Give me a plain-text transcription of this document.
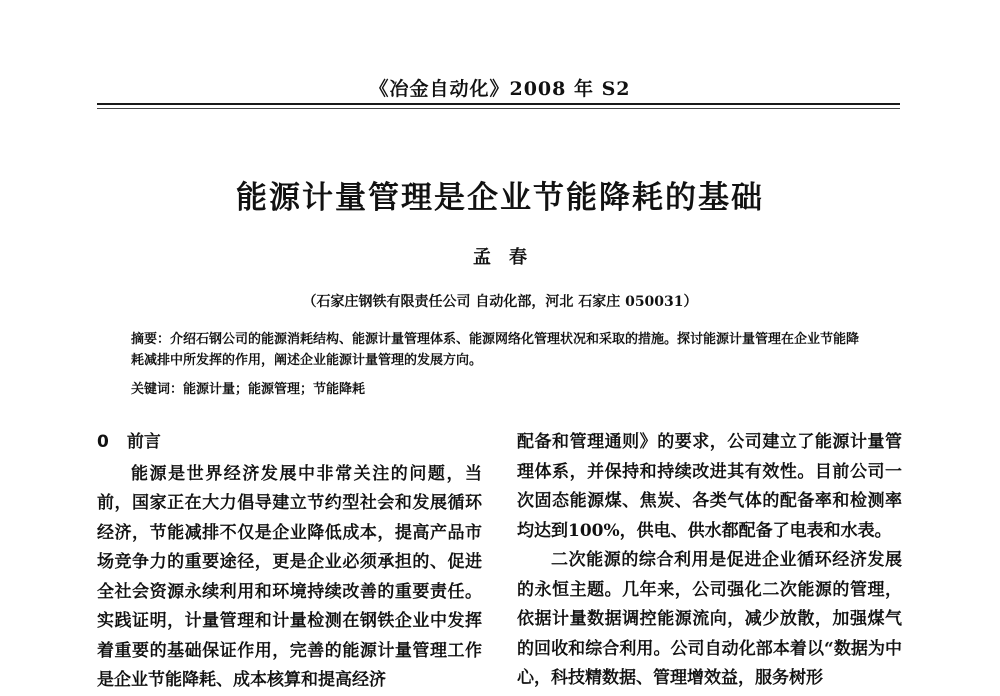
《冶金自动化》2008 年 S2
能源计量管理是企业节能降耗的基础
孟　春
（石家庄钢铁有限责任公司 自动化部，河北 石家庄 050031）
摘要：介绍石钢公司的能源消耗结构、能源计量管理体系、能源网络化管理状况和采取的措施。探讨能源计量管理在企业节能降耗减排中所发挥的作用，阐述企业能源计量管理的发展方向。
关键词：能源计量；能源管理；节能降耗
0 前言

能源是世界经济发展中非常关注的问题，当前，国家正在大力倡导建立节约型社会和发展循环经济，节能减排不仅是企业降低成本，提高产品市场竞争力的重要途径，更是企业必须承担的、促进全社会资源永续利用和环境持续改善的重要责任。实践证明，计量管理和计量检测在钢铁企业中发挥着重要的基础保证作用，完善的能源计量管理工作是企业节能降耗、成本核算和提高经济

配备和管理通则》的要求，公司建立了能源计量管理体系，并保持和持续改进其有效性。目前公司一次固态能源煤、焦炭、各类气体的配备率和检测率均达到100%，供电、供水都配备了电表和水表。

二次能源的综合利用是促进企业循环经济发展的永恒主题。几年来，公司强化二次能源的管理，依据计量数据调控能源流向，减少放散，加强煤气的回收和综合利用。公司自动化部本着以“数据为中心，科技精数据、管理增效益，服务树形
